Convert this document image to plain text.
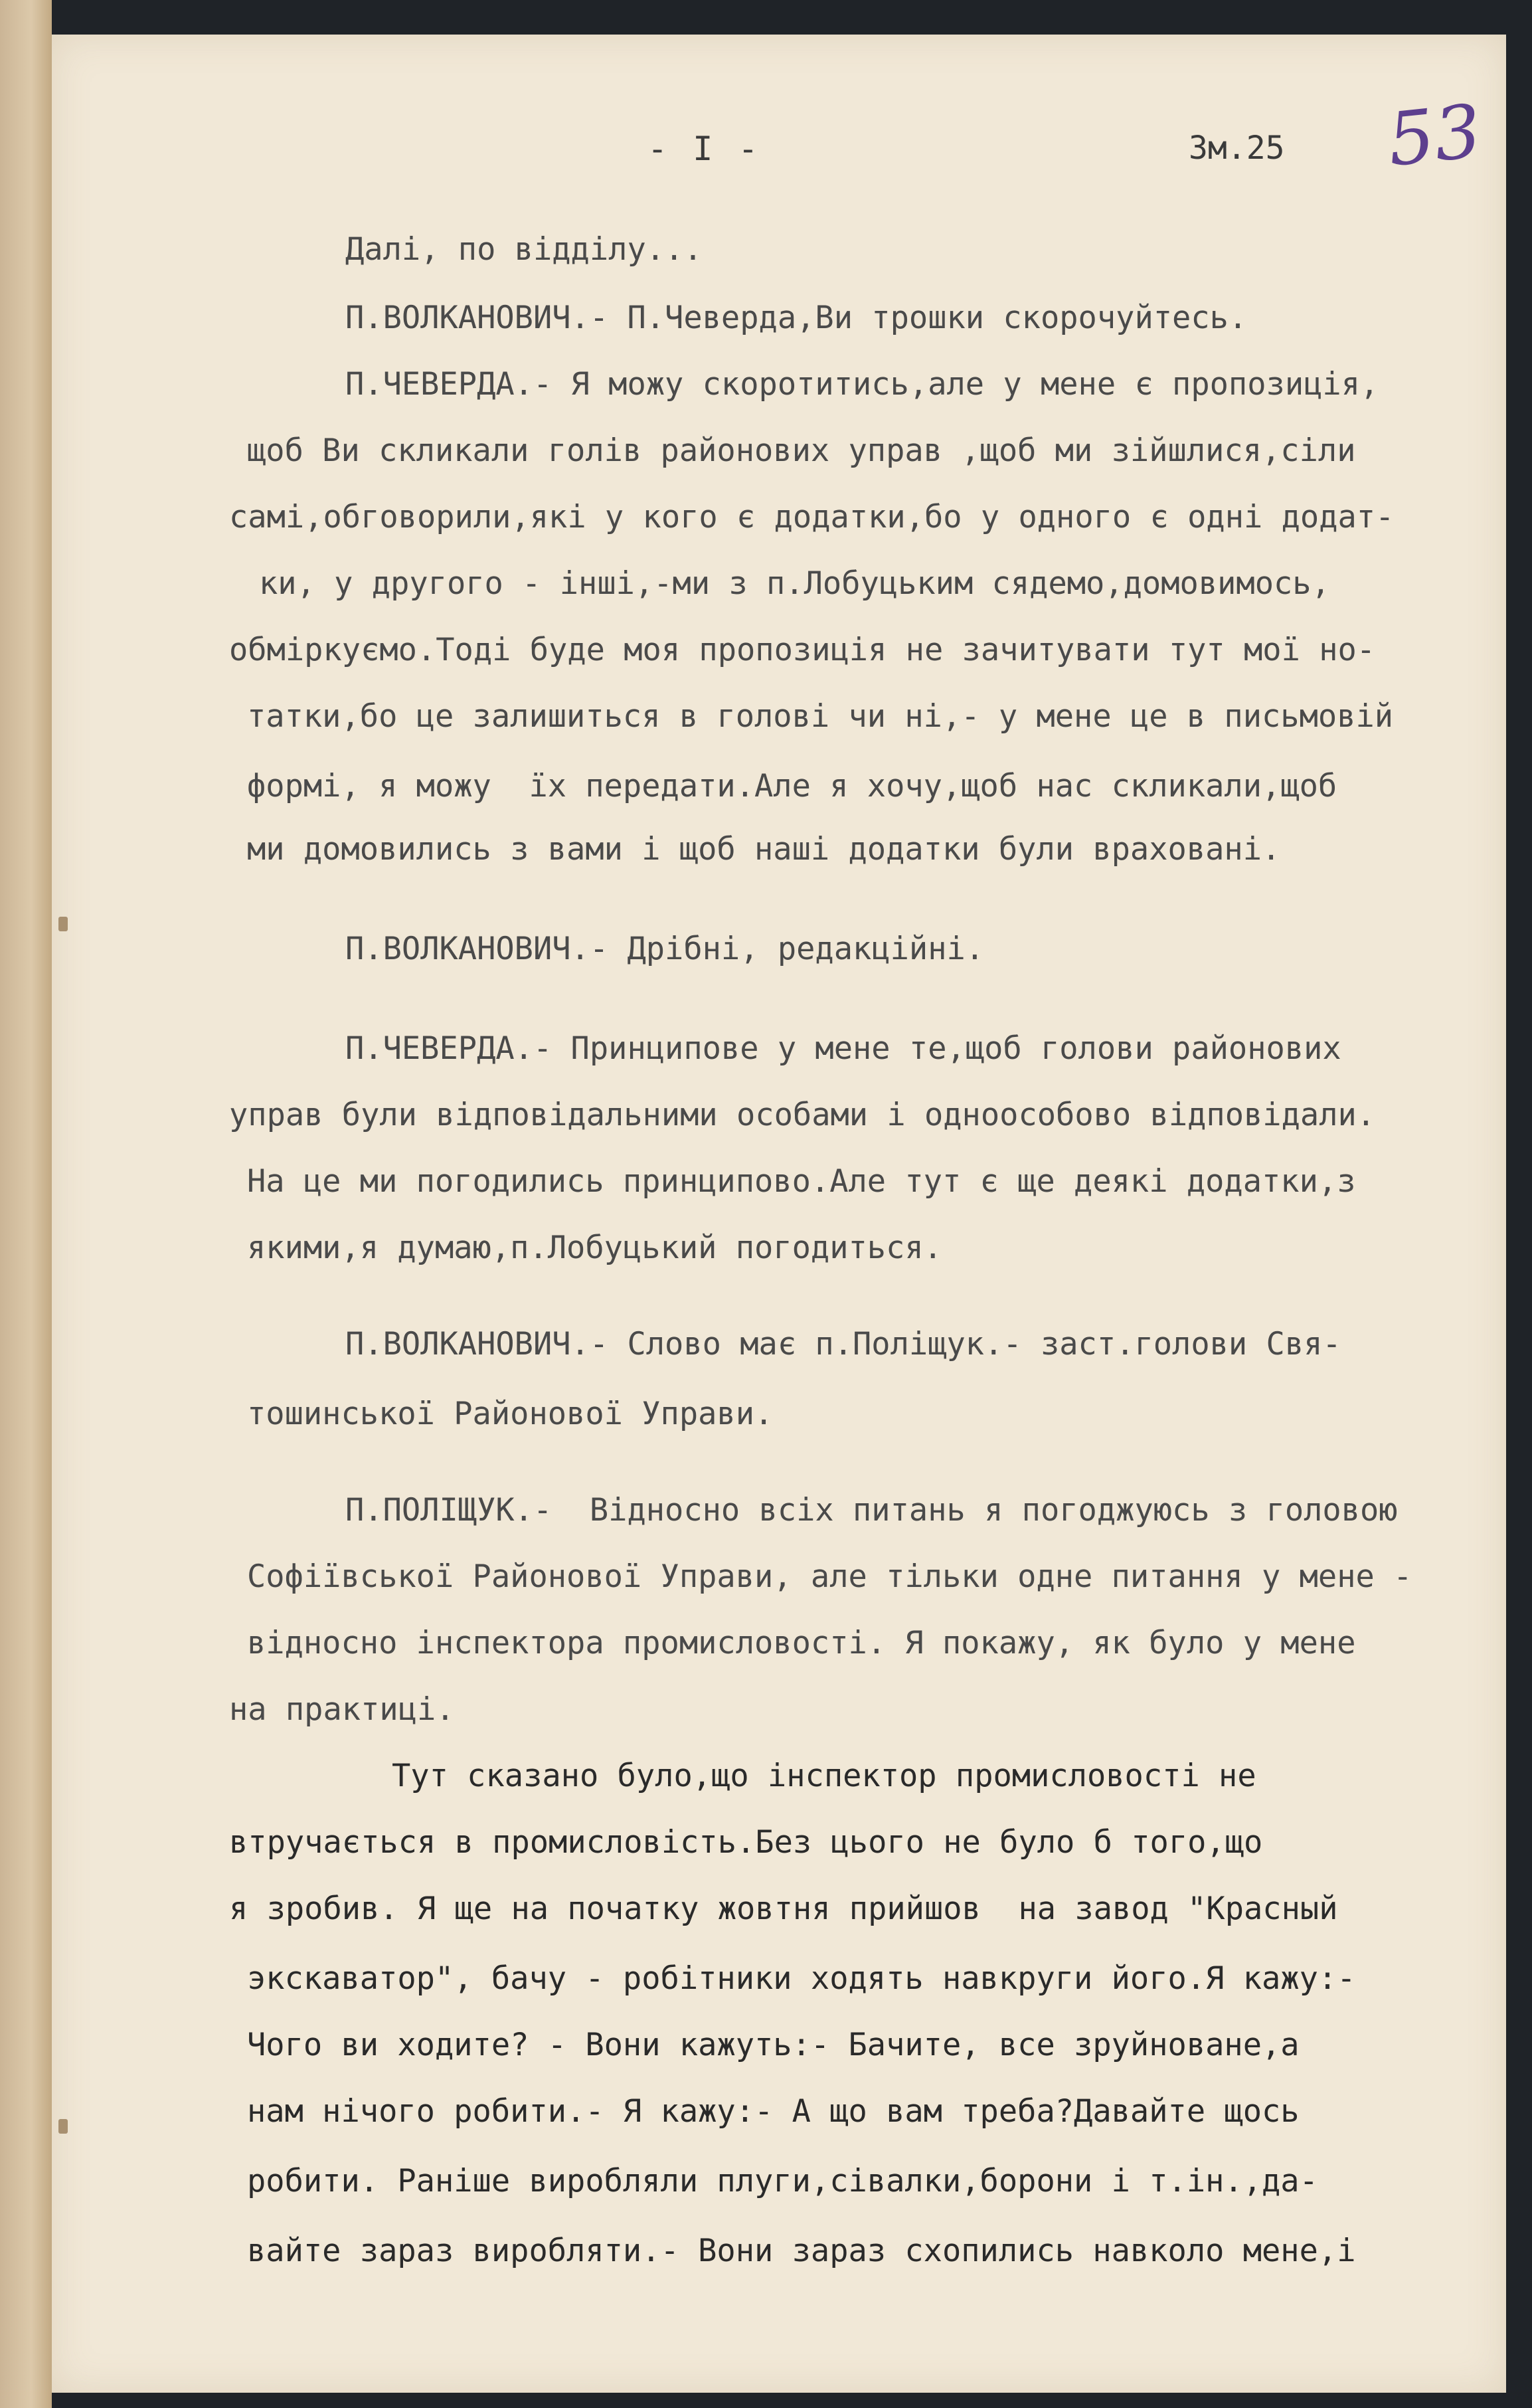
- I -	Зм.25 53
Далі, по відділу...
П.ВОЛКАНОВИЧ.- П.Чеверда,Ви трошки скорочуйтесь.
П.ЧЕВЕРДА.- Я можу скоротитись,але у мене є пропозиція,
щоб Ви скликали голів районових управ ,щоб ми зійшлися,сіли
самі,обговорили,які у кого є додатки,бо у одного є одні додат-
ки, у другого - інші,-ми з п.Лобуцьким сядемо,домовимось,
обміркуємо.Тоді буде моя пропозиція не зачитувати тут мої но-
татки,бо це залишиться в голові чи ні,- у мене це в письмовій
формі, я можу  їх передати.Але я хочу,щоб нас скликали,щоб
ми домовились з вами і щоб наші додатки були враховані.
П.ВОЛКАНОВИЧ.- Дрібні, редакційні.
П.ЧЕВЕРДА.- Принципове у мене те,щоб голови районових
управ були відповідальними особами і одноособово відповідали.
На це ми погодились принципово.Але тут є ще деякі додатки,з
якими,я думаю,п.Лобуцький погодиться.
П.ВОЛКАНОВИЧ.- Слово має п.Поліщук.- заст.голови Свя-
тошинської Районової Управи.
П.ПОЛІЩУК.-  Відносно всіх питань я погоджуюсь з головою
Софіївської Районової Управи, але тільки одне питання у мене -
відносно інспектора промисловості. Я покажу, як було у мене
на практиці.
Тут сказано було,що інспектор промисловості не
втручається в промисловість.Без цього не було б того,що
я зробив. Я ще на початку жовтня прийшов  на завод "Красный
экскаватор", бачу - робітники ходять навкруги його.Я кажу:-
Чого ви ходите? - Вони кажуть:- Бачите, все зруйноване,а
нам нічого робити.- Я кажу:- А що вам треба?Давайте щось
робити. Раніше виробляли плуги,сівалки,борони і т.ін.,да-
вайте зараз виробляти.- Вони зараз схопились навколо мене,і
